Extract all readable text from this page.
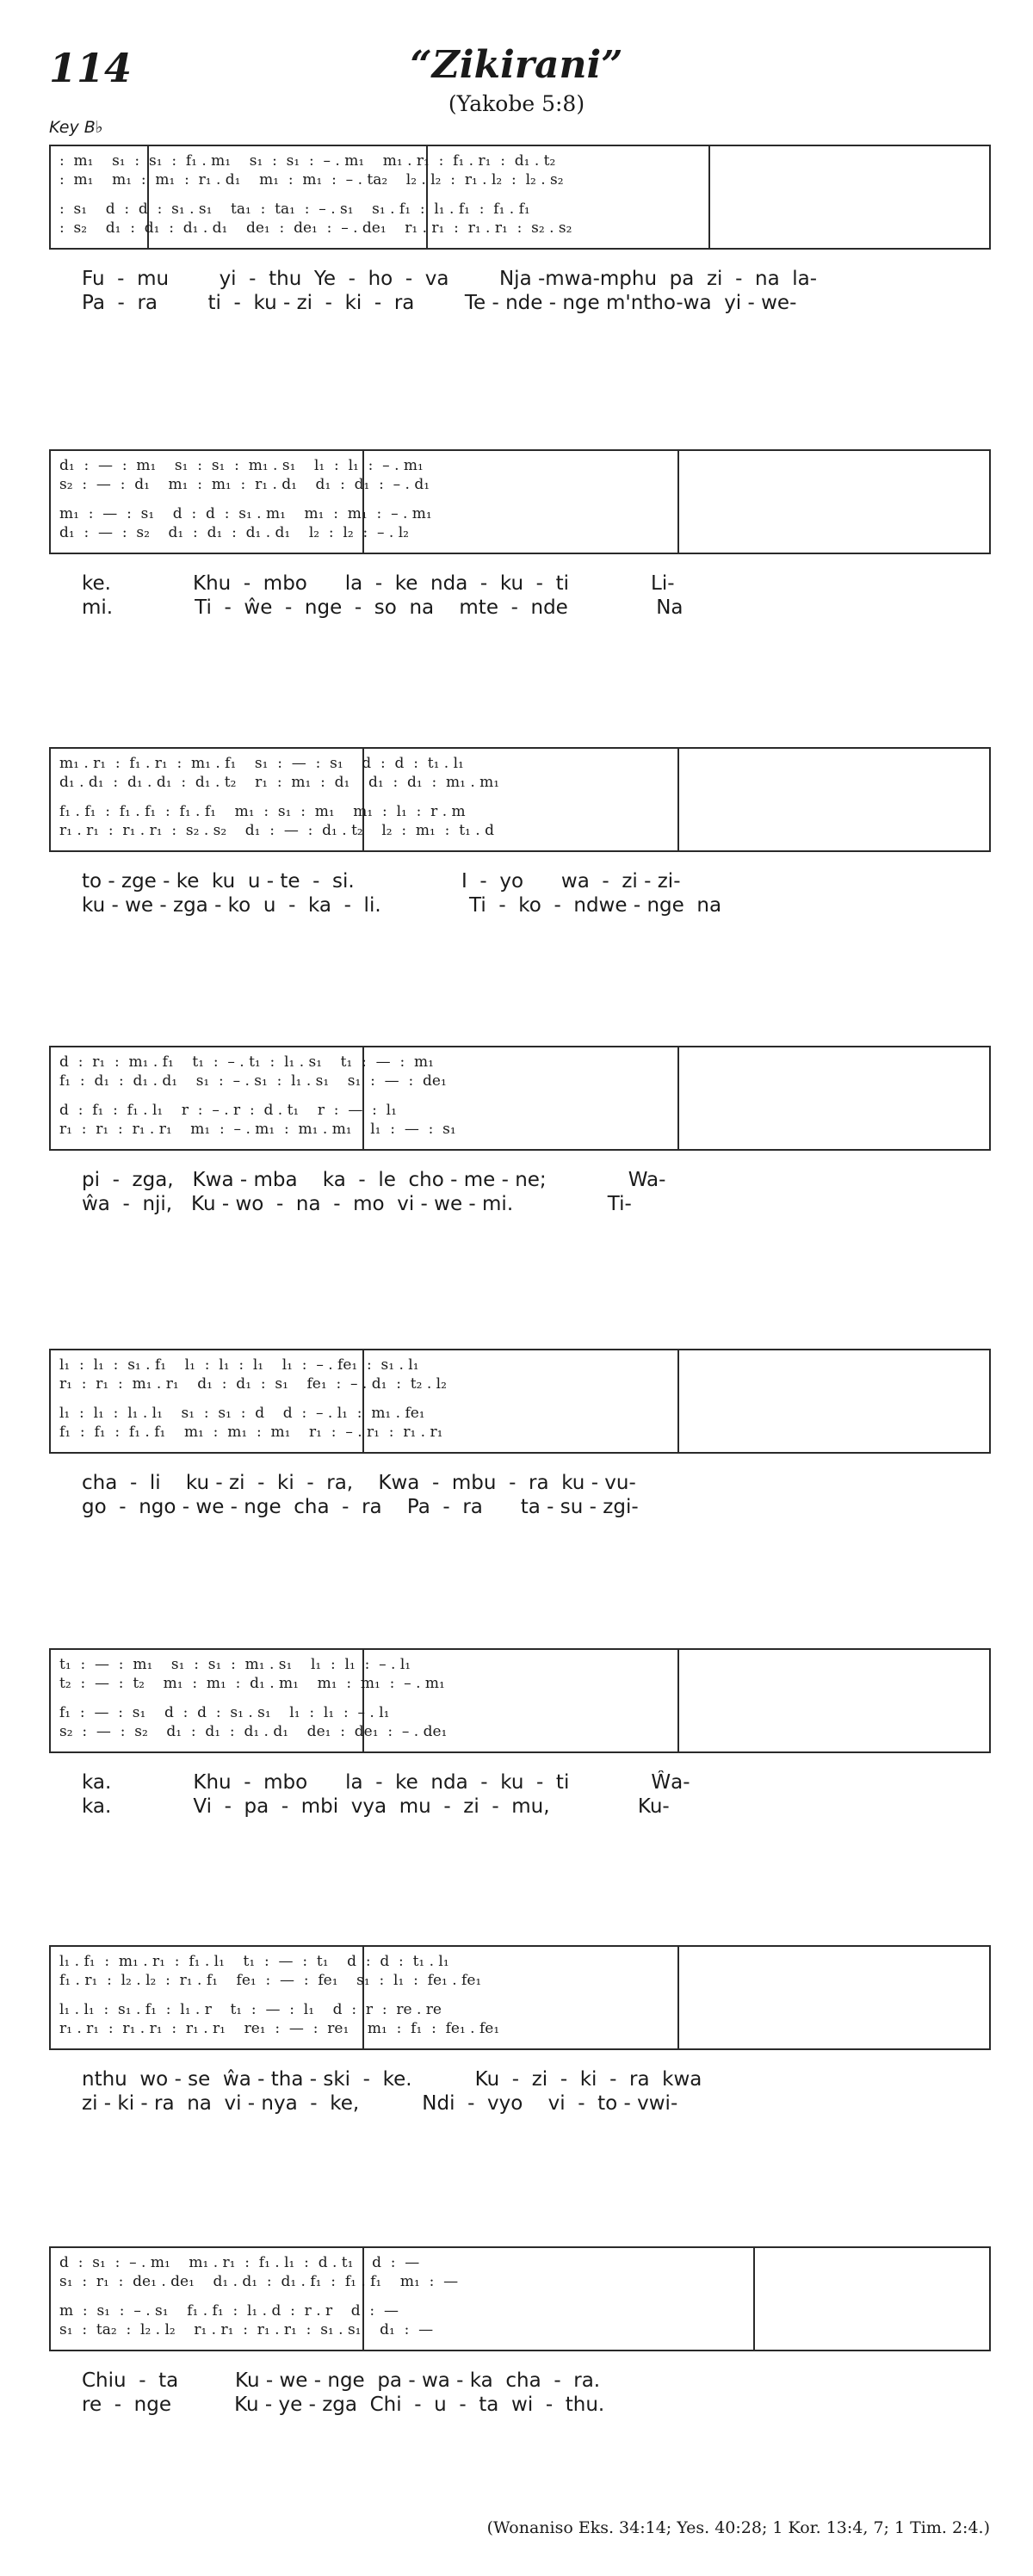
114	“Zikirani”
(Yakobe 5:8)
Key B♭
:  m₁    s₁  :  s₁  :  f₁ . m₁    s₁  :  s₁  :  – . m₁    m₁ . r₁  :  f₁ . r₁  :  d₁ . t₂
:  m₁    m₁  :  m₁  :  r₁ . d₁    m₁  :  m₁  :  – . ta₂    l₂ . l₂  :  r₁ . l₂  :  l₂ . s₂
:  s₁    d  :  d  :  s₁ . s₁    ta₁  :  ta₁  :  – . s₁    s₁ . f₁  :  l₁ . f₁  :  f₁ . f₁
:  s₂    d₁  :  d₁  :  d₁ . d₁    de₁  :  de₁  :  – . de₁    r₁ . r₁  :  r₁ . r₁  :  s₂ . s₂
Fu  -  mu        yi  -  thu  Ye  -  ho  -  va        Nja -mwa-mphu  pa  zi  -  na  la-
Pa  -  ra        ti  -  ku - zi  -  ki  -  ra        Te - nde - nge m'ntho-wa  yi - we-
d₁  :  —  :  m₁    s₁  :  s₁  :  m₁ . s₁    l₁  :  l₁  :  – . m₁
s₂  :  —  :  d₁    m₁  :  m₁  :  r₁ . d₁    d₁  :  d₁  :  – . d₁
m₁  :  —  :  s₁    d  :  d  :  s₁ . m₁    m₁  :  m₁  :  – . m₁
d₁  :  —  :  s₂    d₁  :  d₁  :  d₁ . d₁    l₂  :  l₂  :  – . l₂
ke.             Khu  -  mbo      la  -  ke  nda  -  ku  -  ti             Li-
mi.             Ti  -  ŵe  -  nge  -  so  na    mte  -  nde              Na
m₁ . r₁  :  f₁ . r₁  :  m₁ . f₁    s₁  :  —  :  s₁    d  :  d  :  t₁ . l₁
d₁ . d₁  :  d₁ . d₁  :  d₁ . t₂    r₁  :  m₁  :  d₁    d₁  :  d₁  :  m₁ . m₁
f₁ . f₁  :  f₁ . f₁  :  f₁ . f₁    m₁  :  s₁  :  m₁    m₁  :  l₁  :  r . m
r₁ . r₁  :  r₁ . r₁  :  s₂ . s₂    d₁  :  —  :  d₁ . t₂    l₂  :  m₁  :  t₁ . d
to - zge - ke  ku  u - te  -  si.                 I  -  yo      wa  -  zi - zi-
ku - we - zga - ko  u  -  ka  -  li.              Ti  -  ko  -  ndwe - nge  na
d  :  r₁  :  m₁ . f₁    t₁  :  – . t₁  :  l₁ . s₁    t₁  :  —  :  m₁
f₁  :  d₁  :  d₁ . d₁    s₁  :  – . s₁  :  l₁ . s₁    s₁  :  —  :  de₁
d  :  f₁  :  f₁ . l₁    r  :  – . r  :  d . t₁    r  :  —  :  l₁
r₁  :  r₁  :  r₁ . r₁    m₁  :  – . m₁  :  m₁ . m₁    l₁  :  —  :  s₁
pi  -  zga,   Kwa - mba    ka  -  le  cho - me - ne;             Wa-
ŵa  -  nji,   Ku - wo  -  na  -  mo  vi - we - mi.               Ti-
l₁  :  l₁  :  s₁ . f₁    l₁  :  l₁  :  l₁    l₁  :  – . fe₁  :  s₁ . l₁
r₁  :  r₁  :  m₁ . r₁    d₁  :  d₁  :  s₁    fe₁  :  – . d₁  :  t₂ . l₂
l₁  :  l₁  :  l₁ . l₁    s₁  :  s₁  :  d    d  :  – . l₁  :  m₁ . fe₁
f₁  :  f₁  :  f₁ . f₁    m₁  :  m₁  :  m₁    r₁  :  – . r₁  :  r₁ . r₁
cha  -  li    ku - zi  -  ki  -  ra,    Kwa  -  mbu  -  ra  ku - vu-
go  -  ngo - we - nge  cha  -  ra    Pa  -  ra      ta - su - zgi-
t₁  :  —  :  m₁    s₁  :  s₁  :  m₁ . s₁    l₁  :  l₁  :  – . l₁
t₂  :  —  :  t₂    m₁  :  m₁  :  d₁ . m₁    m₁  :  m₁  :  – . m₁
f₁  :  —  :  s₁    d  :  d  :  s₁ . s₁    l₁  :  l₁  :  – . l₁
s₂  :  —  :  s₂    d₁  :  d₁  :  d₁ . d₁    de₁  :  de₁  :  – . de₁
ka.             Khu  -  mbo      la  -  ke  nda  -  ku  -  ti             Ŵa-
ka.             Vi  -  pa  -  mbi  vya  mu  -  zi  -  mu,              Ku-
l₁ . f₁  :  m₁ . r₁  :  f₁ . l₁    t₁  :  —  :  t₁    d  :  d  :  t₁ . l₁
f₁ . r₁  :  l₂ . l₂  :  r₁ . f₁    fe₁  :  —  :  fe₁    s₁  :  l₁  :  fe₁ . fe₁
l₁ . l₁  :  s₁ . f₁  :  l₁ . r    t₁  :  —  :  l₁    d  :  r  :  re . re
r₁ . r₁  :  r₁ . r₁  :  r₁ . r₁    re₁  :  —  :  re₁    m₁  :  f₁  :  fe₁ . fe₁
nthu  wo - se  ŵa - tha - ski  -  ke.          Ku  -  zi  -  ki  -  ra  kwa
zi - ki - ra  na  vi - nya  -  ke,          Ndi  -  vyo    vi  -  to - vwi-
d  :  s₁  :  – . m₁    m₁ . r₁  :  f₁ . l₁  :  d . t₁    d  :  —
s₁  :  r₁  :  de₁ . de₁    d₁ . d₁  :  d₁ . f₁  :  f₁ . f₁    m₁  :  —
m  :  s₁  :  – . s₁    f₁ . f₁  :  l₁ . d  :  r . r    d  :  —
s₁  :  ta₂  :  l₂ . l₂    r₁ . r₁  :  r₁ . r₁  :  s₁ . s₁    d₁  :  —
Chiu  -  ta         Ku - we - nge  pa - wa - ka  cha  -  ra.
re  -  nge          Ku - ye - zga  Chi  -  u  -  ta  wi  -  thu.
(Wonaniso Eks. 34:14; Yes. 40:28; 1 Kor. 13:4, 7; 1 Tim. 2:4.)
